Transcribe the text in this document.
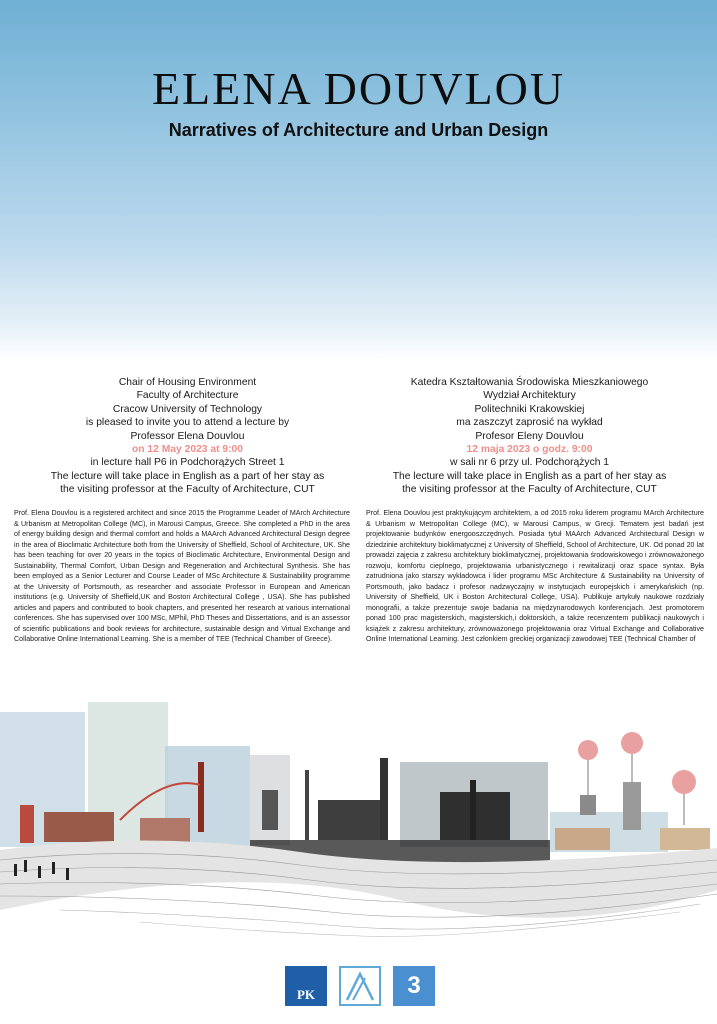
ELENA DOUVLOU
Narratives of Architecture and Urban Design
Chair of Housing Environment
Faculty of Architecture
Cracow University of Technology
is pleased to invite you to attend a lecture by
Professor Elena Douvlou
on 12 May 2023 at 9:00
in lecture hall P6 in Podchorążych Street 1
The lecture will take place in English as a part of her stay as
the visiting professor at the Faculty of Architecture, CUT
Katedra Kształtowania Środowiska Mieszkaniowego
Wydział Architektury
Politechniki Krakowskiej
ma zaszczyt zaprosić na wykład
Profesor Eleny Douvlou
12 maja 2023 o godz. 9:00
w sali nr 6 przy ul. Podchorążych 1
The lecture will take place in English as a part of her stay as
the visiting professor at the Faculty of Architecture, CUT
Prof. Elena Douvlou is a registered architect and since 2015 the Programme Leader of MArch Architecture & Urbanism at Metropolitan College (MC), in Marousi Campus, Greece. She completed a PhD in the area of energy building design and thermal comfort and holds a MAArch Advanced Architectural Design degree in the area of Bioclimatic Architecture both from the University of Sheffield, School of Architecture, UK. She has been teaching for over 20 years in the topics of Bioclimatic Architecture, Environmental Design and Sustainability, Thermal Comfort, Urban Design and Regeneration and Architectural Synthesis. She has been employed as a Senior Lecturer and Course Leader of MSc Architecture & Sustainability programme at the University of Portsmouth, as researcher and associate Professor in European and American institutions (e.g. University of Sheffield,UK and Boston Architectural College , USA). She has published articles and papers and contributed to book chapters, and presented her research at various international conferences. She has supervised over 100 MSc, MPhil, PhD Theses and Dissertations, and is an assessor of scientific publications and book reviews for architecture, sustainable design and Virtual Exchange and Collaborative Online International Learning. She is a member of TEE (Technical Chamber of Greece).
Prof. Elena Douvlou jest praktykującym architektem, a od 2015 roku liderem programu MArch Architecture & Urbanism w Metropolitan College (MC), w Marousi Campus, w Grecji. Tematem jest badań jest projektowanie budynków energooszczędnych. Posiada tytuł MAArch Advanced Architectural Design w dziedzinie architektury bioklimatycznej z University of Sheffield, School of Architecture, UK. Od ponad 20 lat prowadzi zajęcia z zakresu architektury bioklimatycznej, projektowania środowiskowego i zrównoważonego rozwoju, komfortu cieplnego, projektowania urbanistycznego i rewitalizacji oraz space syntax. Była zatrudniona jako starszy wykładowca i lider programu MSc Architecture & Sustainability na University of Portsmouth, jako badacz i profesor nadzwyczajny w instytucjach europejskich i amerykańskich (np. University of Sheffield, UK i Boston Architectural College, USA). Publikuje artykuły naukowe rozdziały monografii, a także prezentuje swoje badania na międzynarodowych konferencjach. Jest promotorem ponad 100 prac magisterskich, magisterskich,i doktorskich, a także recenzentem publikacji naukowych i książek z zakresu architektury, zrównoważonego projektowania oraz Virtual Exchange and Collaborative Online International Learning. Jest członkiem greckiej organizacji zawodowej TEE (Technical Chamber of
PK	3
